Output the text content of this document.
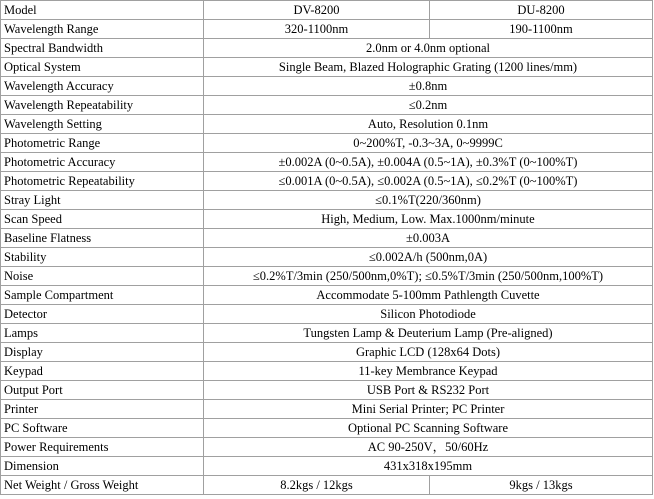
Model	DV-8200	DU-8200
Wavelength Range	320-1100nm	190-1100nm
Spectral Bandwidth	2.0nm or 4.0nm optional	
Optical System	Single Beam, Blazed Holographic Grating (1200 lines/mm)	
Wavelength Accuracy	±0.8nm	
Wavelength Repeatability	≤0.2nm	
Wavelength Setting	Auto, Resolution 0.1nm	
Photometric Range	0~200%T, -0.3~3A, 0~9999C	
Photometric Accuracy	±0.002A (0~0.5A), ±0.004A (0.5~1A), ±0.3%T (0~100%T)	
Photometric Repeatability	≤0.001A (0~0.5A), ≤0.002A (0.5~1A), ≤0.2%T (0~100%T)	
Stray Light	≤0.1%T(220/360nm)	
Scan Speed	High, Medium, Low. Max.1000nm/minute	
Baseline Flatness	±0.003A	
Stability	≤0.002A/h (500nm,0A)	
Noise	≤0.2%T/3min (250/500nm,0%T); ≤0.5%T/3min (250/500nm,100%T)	
Sample Compartment	Accommodate 5-100mm Pathlength Cuvette	
Detector	Silicon Photodiode	
Lamps	Tungsten Lamp & Deuterium Lamp (Pre-aligned)	
Display	Graphic LCD (128x64 Dots)	
Keypad	11-key Membrance Keypad	
Output Port	USB Port & RS232 Port	
Printer	Mini Serial Printer; PC Printer	
PC Software	Optional PC Scanning Software	
Power Requirements	AC 90-250V，50/60Hz	
Dimension	431x318x195mm	
Net Weight / Gross Weight	8.2kgs / 12kgs	9kgs / 13kgs
